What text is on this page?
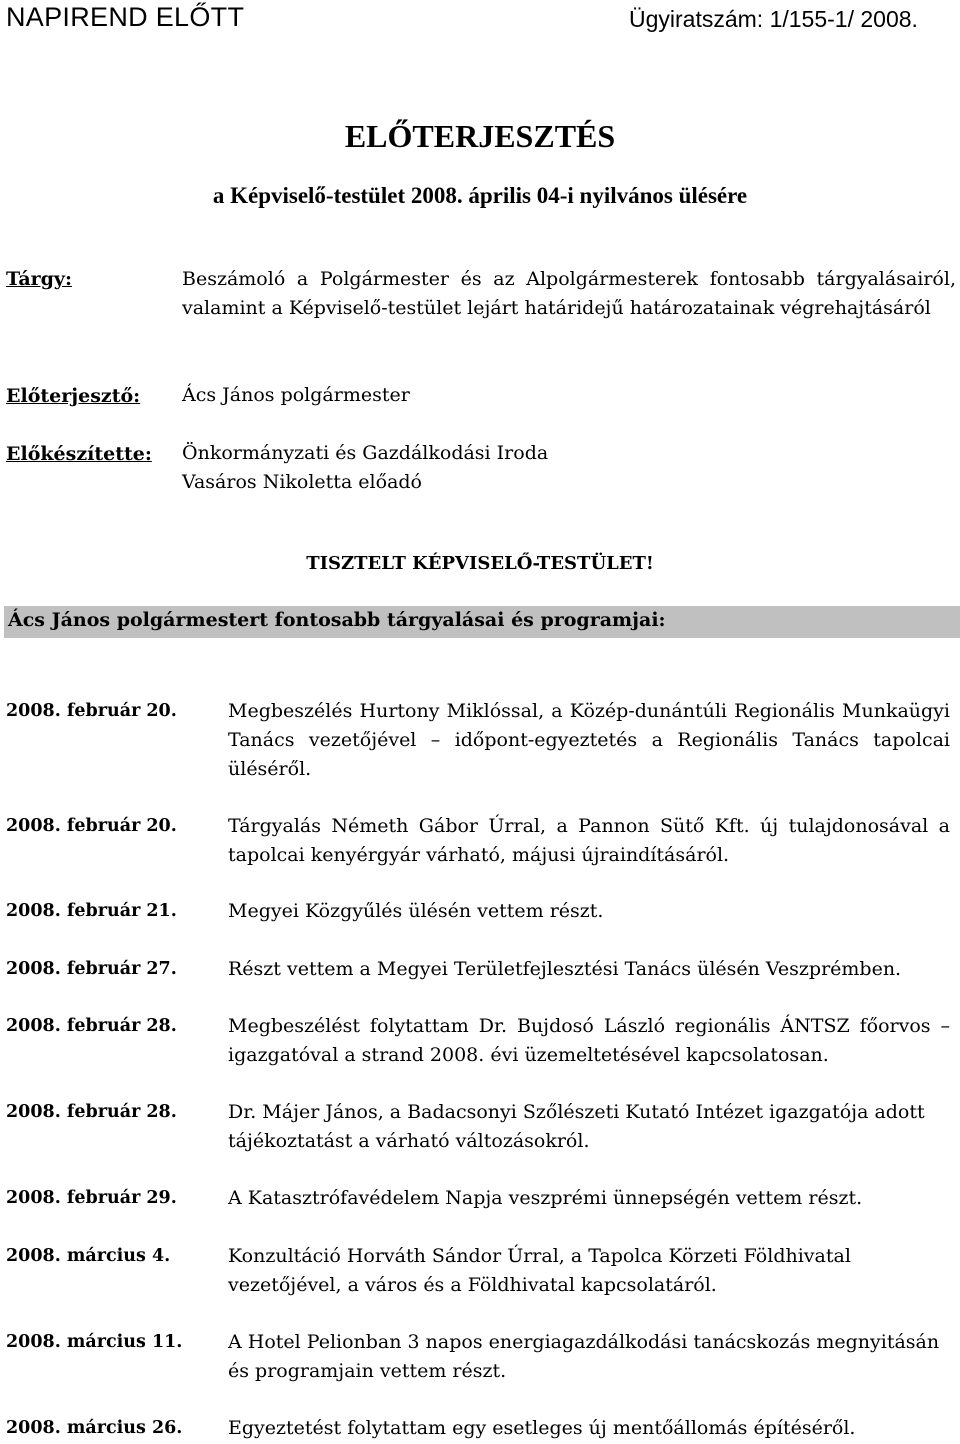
NAPIREND ELŐTT	Ügyiratszám: 1/155-1/ 2008.
ELŐTERJESZTÉS
a Képviselő-testület 2008. április 04-i nyilvános ülésére
Tárgy:	Beszámoló a Polgármester és az Alpolgármesterek fontosabb tárgyalásairól, valamint a Képviselő-testület lejárt határidejű határozatainak végrehajtásáról
Előterjesztő: Ács János polgármester
Előkészítette: Önkormányzati és Gazdálkodási Iroda
Vasáros Nikoletta előadó
TISZTELT KÉPVISELŐ-TESTÜLET!
Ács János polgármestert fontosabb tárgyalásai és programjai:
2008. február 20.	Megbeszélés Hurtony Miklóssal, a Közép-dunántúli Regionális Munkaügyi Tanács vezetőjével – időpont-egyeztetés a Regionális Tanács tapolcai üléséről.
2008. február 20.	Tárgyalás Németh Gábor Úrral, a Pannon Sütő Kft. új tulajdonosával a tapolcai kenyérgyár várható, májusi újraindításáról.
2008. február 21.	Megyei Közgyűlés ülésén vettem részt.
2008. február 27.	Részt vettem a Megyei Területfejlesztési Tanács ülésén Veszprémben.
2008. február 28.	Megbeszélést folytattam Dr. Bujdosó László regionális ÁNTSZ főorvos –igazgatóval a strand 2008. évi üzemeltetésével kapcsolatosan.
2008. február 28.	Dr. Májer János, a Badacsonyi Szőlészeti Kutató Intézet igazgatója adott tájékoztatást a várható változásokról.
2008. február 29.	A Katasztrófavédelem Napja veszprémi ünnepségén vettem részt.
2008. március 4.	Konzultáció Horváth Sándor Úrral, a Tapolca Körzeti Földhivatal vezetőjével, a város és a Földhivatal kapcsolatáról.
2008. március 11. A Hotel Pelionban 3 napos energiagazdálkodási tanácskozás megnyitásán és programjain vettem részt.
2008. március 26. Egyeztetést folytattam egy esetleges új mentőállomás építéséről.
